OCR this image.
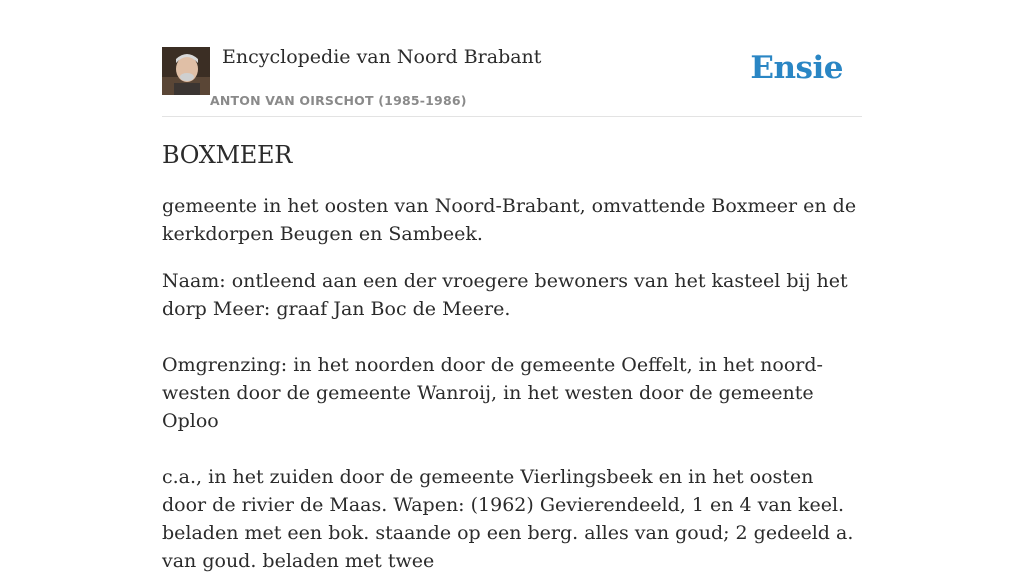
Encyclopedie van Noord Brabant
ANTON VAN OIRSCHOT (1985-1986)
Ensie
BOXMEER

gemeente in het oosten van Noord-Brabant, omvattende Boxmeer en de kerkdorpen Beugen en Sambeek.

Naam: ontleend aan een der vroegere bewoners van het kasteel bij het dorp Meer: graaf Jan Boc de Meere.

Omgrenzing: in het noorden door de gemeente Oeffelt, in het noord-westen door de gemeente Wanroij, in het westen door de gemeente Oploo

c.a., in het zuiden door de gemeente Vierlingsbeek en in het oosten door de rivier de Maas. Wapen: (1962) Gevierendeeld, 1 en 4 van keel. beladen met een bok. staande op een berg. alles van goud; 2 gedeeld a. van goud. beladen met twee
